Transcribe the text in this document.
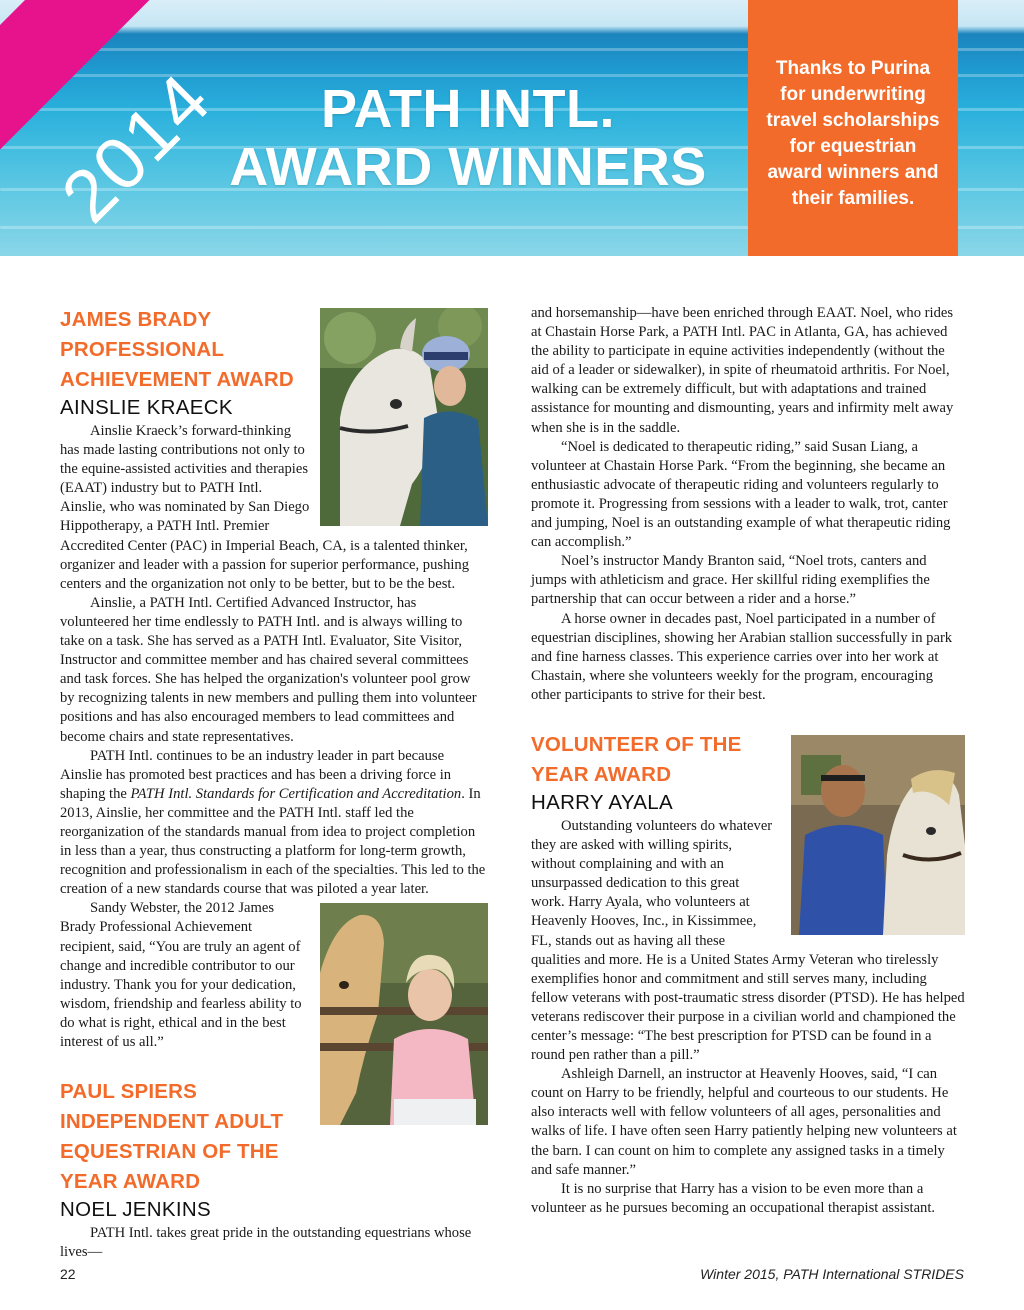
2014	PATH INTL.
AWARD WINNERS
Thanks to Purina
for underwriting
travel scholarships
for equestrian
award winners and
their families.
JAMES BRADY
PROFESSIONAL
ACHIEVEMENT AWARD
AINSLIE KRAECK

Ainslie Kraeck’s forward-thinking has made lasting contributions not only to the equine-assisted activities and therapies (EAAT) industry but to PATH Intl. Ainslie, who was nominated by San Diego Hippotherapy, a PATH Intl. Premier Accredited Center (PAC) in Imperial Beach, CA, is a talented thinker, organizer and leader with a passion for superior performance, pushing centers and the organization not only to be better, but to be the best.

Ainslie, a PATH Intl. Certified Advanced Instructor, has volunteered her time endlessly to PATH Intl. and is always willing to take on a task. She has served as a PATH Intl. Evaluator, Site Visitor, Instructor and committee member and has chaired several committees and task forces. She has helped the organization's volunteer pool grow by recognizing talents in new members and pulling them into volunteer positions and has also encouraged members to lead committees and become chairs and state representatives.

PATH Intl. continues to be an industry leader in part because Ainslie has promoted best practices and has been a driving force in shaping the PATH Intl. Standards for Certification and Accreditation. In 2013, Ainslie, her committee and the PATH Intl. staff led the reorganization of the standards manual from idea to project completion in less than a year, thus constructing a platform for long-term growth, recognition and professionalism in each of the specialties. This led to the creation of a new standards course that was piloted a year later.

Sandy Webster, the 2012 James Brady Professional Achievement recipient, said, “You are truly an agent of change and incredible contributor to our industry. Thank you for your dedication, wisdom, friendship and fearless ability to do what is right, ethical and in the best interest of us all.”

PAUL SPIERS
INDEPENDENT ADULT
EQUESTRIAN OF THE
YEAR AWARD
NOEL JENKINS

PATH Intl. takes great pride in the outstanding equestrians whose lives—

and horsemanship—have been enriched through EAAT. Noel, who rides at Chastain Horse Park, a PATH Intl. PAC in Atlanta, GA, has achieved the ability to participate in equine activities independently (without the aid of a leader or sidewalker), in spite of rheumatoid arthritis. For Noel, walking can be extremely difficult, but with adaptations and trained assistance for mounting and dismounting, years and infirmity melt away when she is in the saddle.

“Noel is dedicated to therapeutic riding,” said Susan Liang, a volunteer at Chastain Horse Park. “From the beginning, she became an enthusiastic advocate of therapeutic riding and volunteers regularly to promote it. Progressing from sessions with a leader to walk, trot, canter and jumping, Noel is an outstanding example of what therapeutic riding can accomplish.”

Noel’s instructor Mandy Branton said, “Noel trots, canters and jumps with athleticism and grace. Her skillful riding exemplifies the partnership that can occur between a rider and a horse.”

A horse owner in decades past, Noel participated in a number of equestrian disciplines, showing her Arabian stallion successfully in park and fine harness classes. This experience carries over into her work at Chastain, where she volunteers weekly for the program, encouraging other participants to strive for their best.

VOLUNTEER OF THE
YEAR AWARD
HARRY AYALA

Outstanding volunteers do whatever they are asked with willing spirits, without complaining and with an unsurpassed dedication to this great work. Harry Ayala, who volunteers at Heavenly Hooves, Inc., in Kissimmee, FL, stands out as having all these qualities and more. He is a United States Army Veteran who tirelessly exemplifies honor and commitment and still serves many, including fellow veterans with post-traumatic stress disorder (PTSD). He has helped veterans rediscover their purpose in a civilian world and championed the center’s message: “The best prescription for PTSD can be found in a round pen rather than a pill.”

Ashleigh Darnell, an instructor at Heavenly Hooves, said, “I can count on Harry to be friendly, helpful and courteous to our students. He also interacts well with fellow volunteers of all ages, personalities and walks of life. I have often seen Harry patiently helping new volunteers at the barn. I can count on him to complete any assigned tasks in a timely and safe manner.”

It is no surprise that Harry has a vision to be even more than a volunteer as he pursues becoming an occupational therapist assistant.

22	Winter 2015, PATH International STRIDES
